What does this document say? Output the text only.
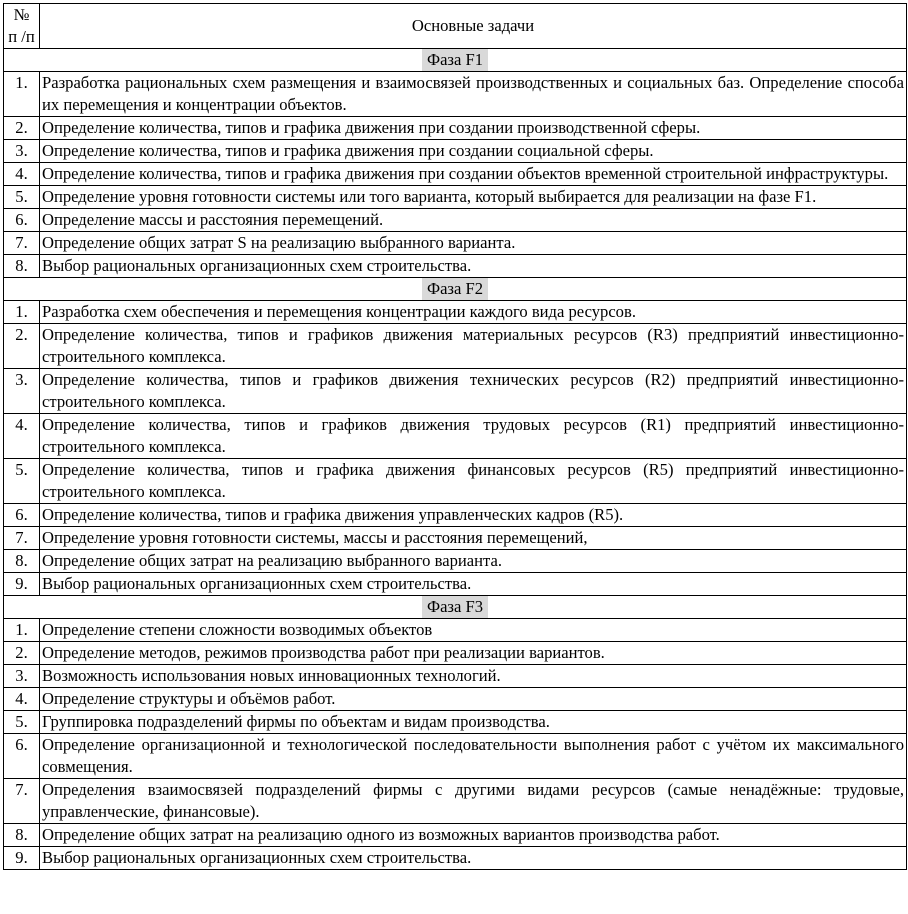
№
п /п	Основные задачи
Фаза F1	
1.	Разработка рациональных схем размещения и взаимосвязей производственных и социальных баз. Определение способа их перемещения и концентрации объектов.
2.	Определение количества, типов и графика движения при создании производственной сферы.
3.	Определение количества, типов и графика движения при создании социальной сферы.
4.	Определение количества, типов и графика движения при создании объектов временной строительной инфраструктуры.
5.	Определение уровня готовности системы или того варианта, который выбирается для реализации на фазе F1.
6.	Определение массы и расстояния перемещений.
7.	Определение общих затрат S на реализацию выбранного варианта.
8.	Выбор рациональных организационных схем строительства.
Фаза F2	
1.	Разработка схем обеспечения и перемещения концентрации каждого вида ресурсов.
2.	Определение количества, типов и графиков движения материальных ресурсов (R3) предприятий инвестиционно-строительного комплекса.
3.	Определение количества, типов и графиков движения технических ресурсов (R2) предприятий инвестиционно-строительного комплекса.
4.	Определение количества, типов и графиков движения трудовых ресурсов (R1) предприятий инвестиционно-строительного комплекса.
5.	Определение количества, типов и графика движения финансовых ресурсов (R5) предприятий инвестиционно-строительного комплекса.
6.	Определение количества, типов и графика движения управленческих кадров (R5).
7.	Определение уровня готовности системы, массы и расстояния перемещений,
8.	Определение общих затрат на реализацию выбранного варианта.
9.	Выбор рациональных организационных схем строительства.
Фаза F3	
1.	Определение степени сложности возводимых объектов
2.	Определение методов, режимов производства работ при реализации вариантов.
3.	Возможность использования новых инновационных технологий.
4.	Определение структуры и объёмов работ.
5.	Группировка подразделений фирмы по объектам и видам производства.
6.	Определение организационной и технологической последовательности выполнения работ с учётом их максимального совмещения.
7.	Определения взаимосвязей подразделений фирмы с другими видами ресурсов (самые ненадёжные: трудовые, управленческие, финансовые).
8.	Определение общих затрат на реализацию одного из возможных вариантов производства работ.
9.	Выбор рациональных организационных схем строительства.
